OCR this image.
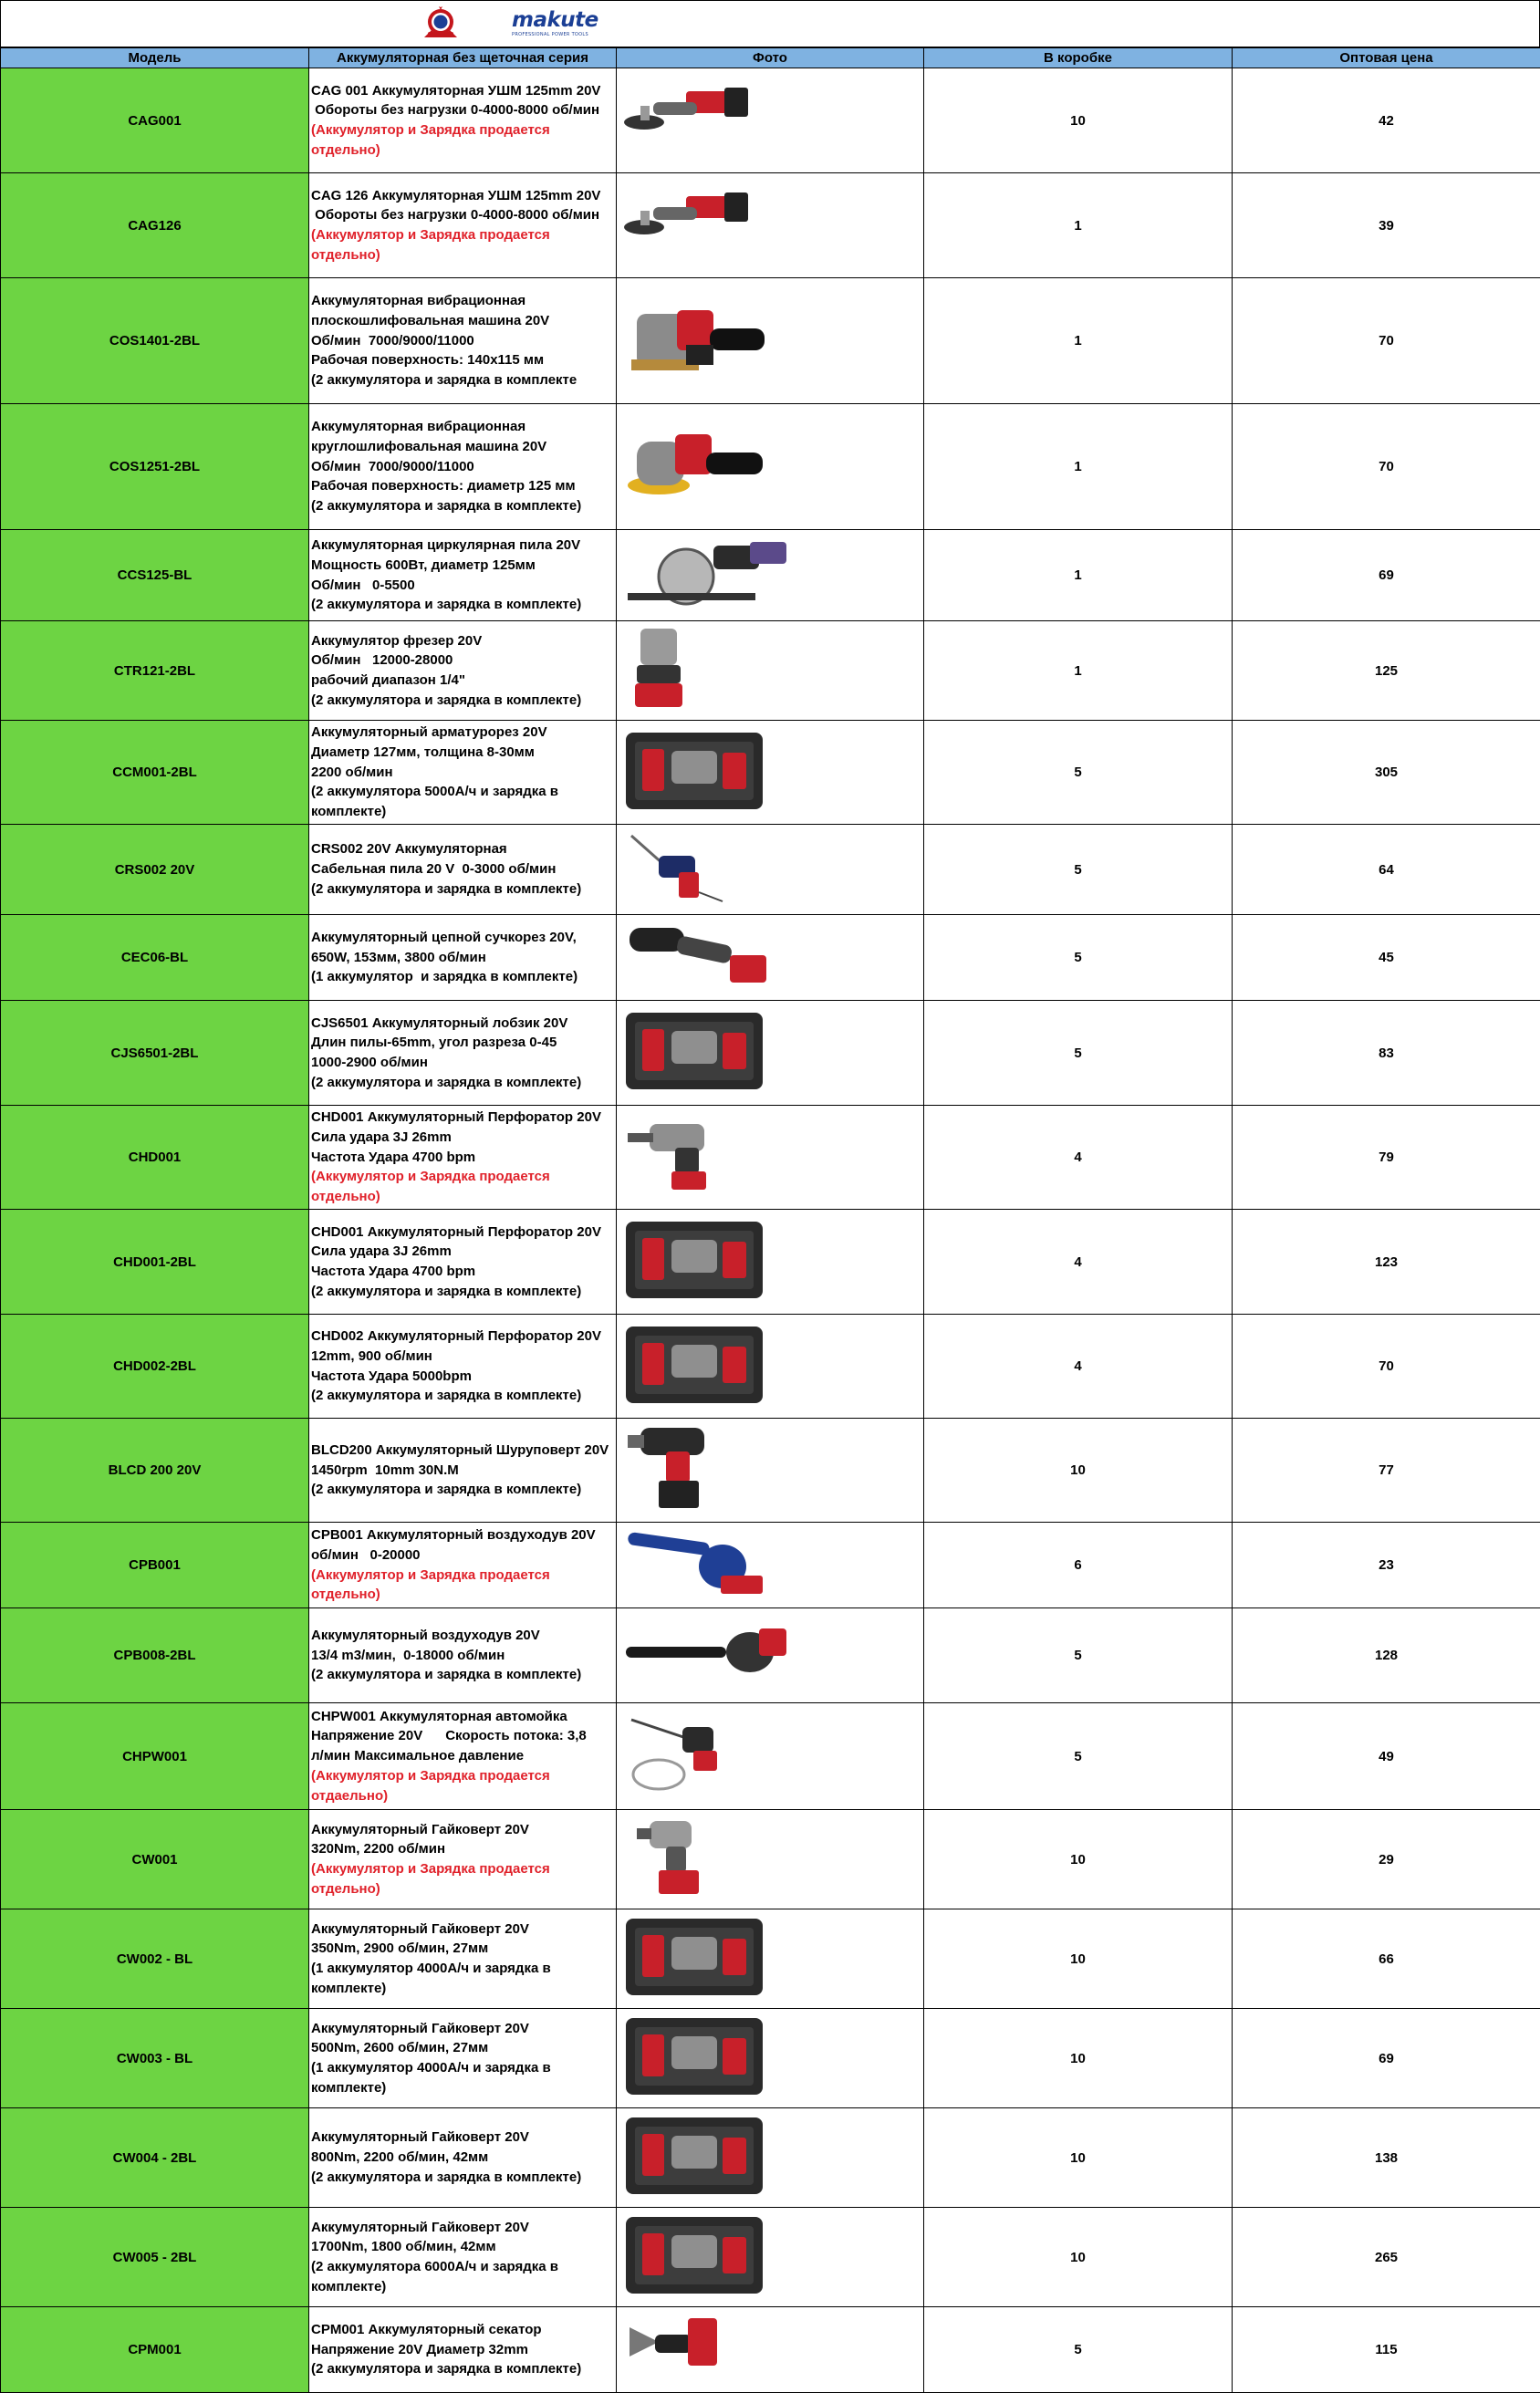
makute
PROFESSIONAL POWER TOOLS
Модель	Аккумуляторная без щеточная серия	Фото	В коробке	Оптовая цена
CAG001	CAG 001 Аккумуляторная УШМ 125mm 20V
Обороты без нагрузки 0-4000-8000 об/мин
(Аккумулятор и Зарядка продается отдельно)		10	42
CAG126	CAG 126 Аккумуляторная УШМ 125mm 20V
Обороты без нагрузки 0-4000-8000 об/мин
(Аккумулятор и Зарядка продается отдельно)		1	39
COS1401-2BL	Аккумуляторная вибрационная
плоскошлифовальная машина 20V
Об/мин  7000/9000/11000
Рабочая поверхность: 140х115 мм
(2 аккумулятора и зарядка в комплекте		1	70
COS1251-2BL	Аккумуляторная вибрационная
круглошлифовальная машина 20V
Об/мин  7000/9000/11000
Рабочая поверхность: диаметр 125 мм
(2 аккумулятора и зарядка в комплекте)		1	70
CCS125-BL	Аккумуляторная циркулярная пила 20V
Мощность 600Вт, диаметр 125мм
Об/мин   0-5500
(2 аккумулятора и зарядка в комплекте)		1	69
CTR121-2BL	Аккумулятор фрезер 20V
Об/мин   12000-28000
рабочий диапазон 1/4"
(2 аккумулятора и зарядка в комплекте)		1	125
CCM001-2BL	Аккумуляторный арматурорез 20V
Диаметр 127мм, толщина 8-30мм
2200 об/мин
(2 аккумулятора 5000А/ч и зарядка в
комплекте)		5	305
CRS002 20V	CRS002 20V Аккумуляторная
Сабельная пила 20 V  0-3000 об/мин
(2 аккумулятора и зарядка в комплекте)		5	64
CEC06-BL	Аккумуляторный цепной сучкорез 20V,
650W, 153мм, 3800 об/мин
(1 аккумулятор  и зарядка в комплекте)		5	45
CJS6501-2BL	CJS6501 Аккумуляторный лобзик 20V
Длин пилы-65mm, угол разреза 0-45
1000-2900 об/мин
(2 аккумулятора и зарядка в комплекте)		5	83
CHD001	CHD001 Аккумуляторный Перфоратор 20V
Сила удара 3J 26mm
Частота Удара 4700 bpm
(Аккумулятор и Зарядка продается отдельно)		4	79
CHD001-2BL	CHD001 Аккумуляторный Перфоратор 20V
Сила удара 3J 26mm
Частота Удара 4700 bpm
(2 аккумулятора и зарядка в комплекте)		4	123
CHD002-2BL	CHD002 Аккумуляторный Перфоратор 20V
12mm, 900 об/мин
Частота Удара 5000bpm
(2 аккумулятора и зарядка в комплекте)		4	70
BLCD 200 20V	BLCD200 Аккумуляторный Шуруповерт 20V
1450rpm  10mm 30N.M
(2 аккумулятора и зарядка в комплекте)		10	77
CPB001	CPB001 Аккумуляторный воздуходув 20V
об/мин   0-20000
(Аккумулятор и Зарядка продается отдельно)		6	23
CPB008-2BL	Аккумуляторный воздуходув 20V
13/4 m3/мин,  0-18000 об/мин
(2 аккумулятора и зарядка в комплекте)		5	128
CHPW001	CHPW001 Аккумуляторная автомойка
Напряжение 20V      Скорость потока: 3,8
л/мин Максимальное давление
(Аккумулятор и Зарядка продается отдаельно)		5	49
CW001	Аккумуляторный Гайковерт 20V
320Nm, 2200 об/мин
(Аккумулятор и Зарядка продается отдельно)		10	29
CW002 - BL	Аккумуляторный Гайковерт 20V
350Nm, 2900 об/мин, 27мм
(1 аккумулятор 4000А/ч и зарядка в
комплекте)		10	66
CW003 - BL	Аккумуляторный Гайковерт 20V
500Nm, 2600 об/мин, 27мм
(1 аккумулятор 4000А/ч и зарядка в
комплекте)		10	69
CW004 - 2BL	Аккумуляторный Гайковерт 20V
800Nm, 2200 об/мин, 42мм
(2 аккумулятора и зарядка в комплекте)		10	138
CW005 - 2BL	Аккумуляторный Гайковерт 20V
1700Nm, 1800 об/мин, 42мм
(2 аккумулятора 6000А/ч и зарядка в
комплекте)		10	265
CPM001	CPM001 Аккумуляторный секатор
Напряжение 20V Диаметр 32mm
(2 аккумулятора и зарядка в комплекте)		5	115
